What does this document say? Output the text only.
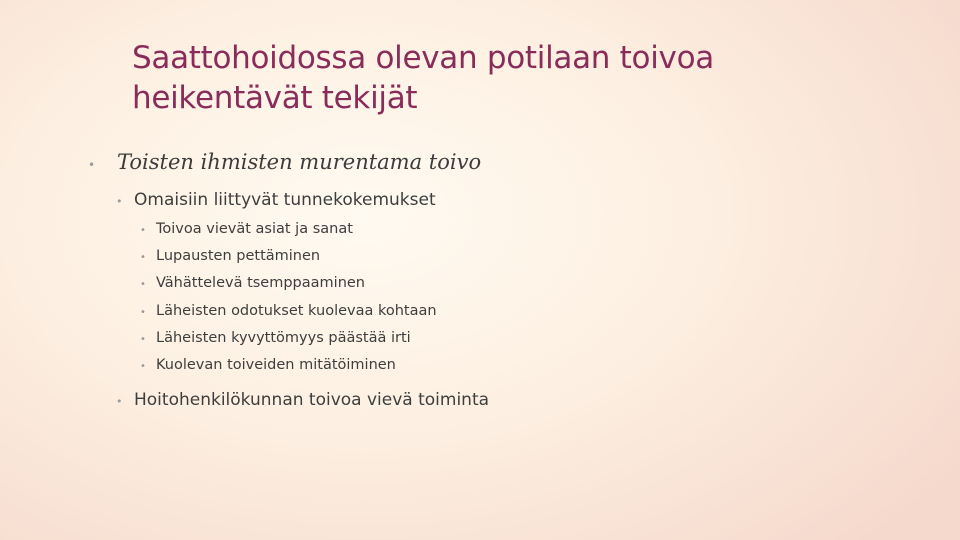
Saattohoidossa olevan potilaan toivoa
heikentävät tekijät
•	Toisten ihmisten murentama toivo
• Omaisiin liittyvät tunnekokemukset
• Toivoa vievät asiat ja sanat
• Lupausten pettäminen
• Vähättelevä tsemppaaminen
• Läheisten odotukset kuolevaa kohtaan
• Läheisten kyvyttömyys päästää irti
• Kuolevan toiveiden mitätöiminen
• Hoitohenkilökunnan toivoa vievä toiminta
